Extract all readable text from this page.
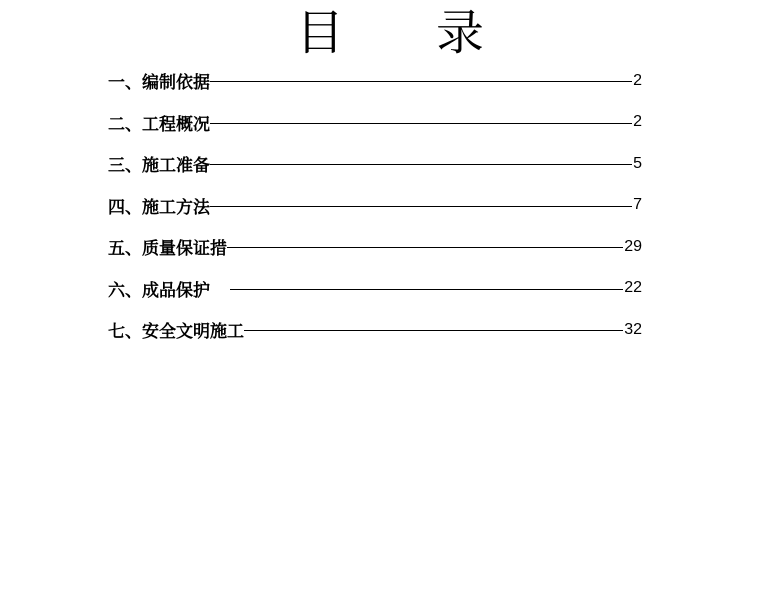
目 录
一、编制依据	2
二、工程概况	2
三、施工准备	5
四、施工方法	7
五、质量保证措	29
六、成品保护	22
七、安全文明施工	32
